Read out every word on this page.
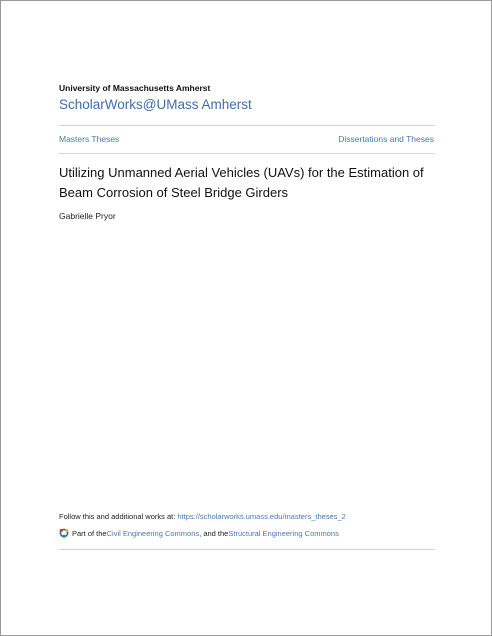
University of Massachusetts Amherst
ScholarWorks@UMass Amherst
Masters Theses	Dissertations and Theses
Utilizing Unmanned Aerial Vehicles (UAVs) for the Estimation of Beam Corrosion of Steel Bridge Girders
Gabrielle Pryor
Follow this and additional works at: https://scholarworks.umass.edu/masters_theses_2
Part of the Civil Engineering Commons , and the Structural Engineering Commons
